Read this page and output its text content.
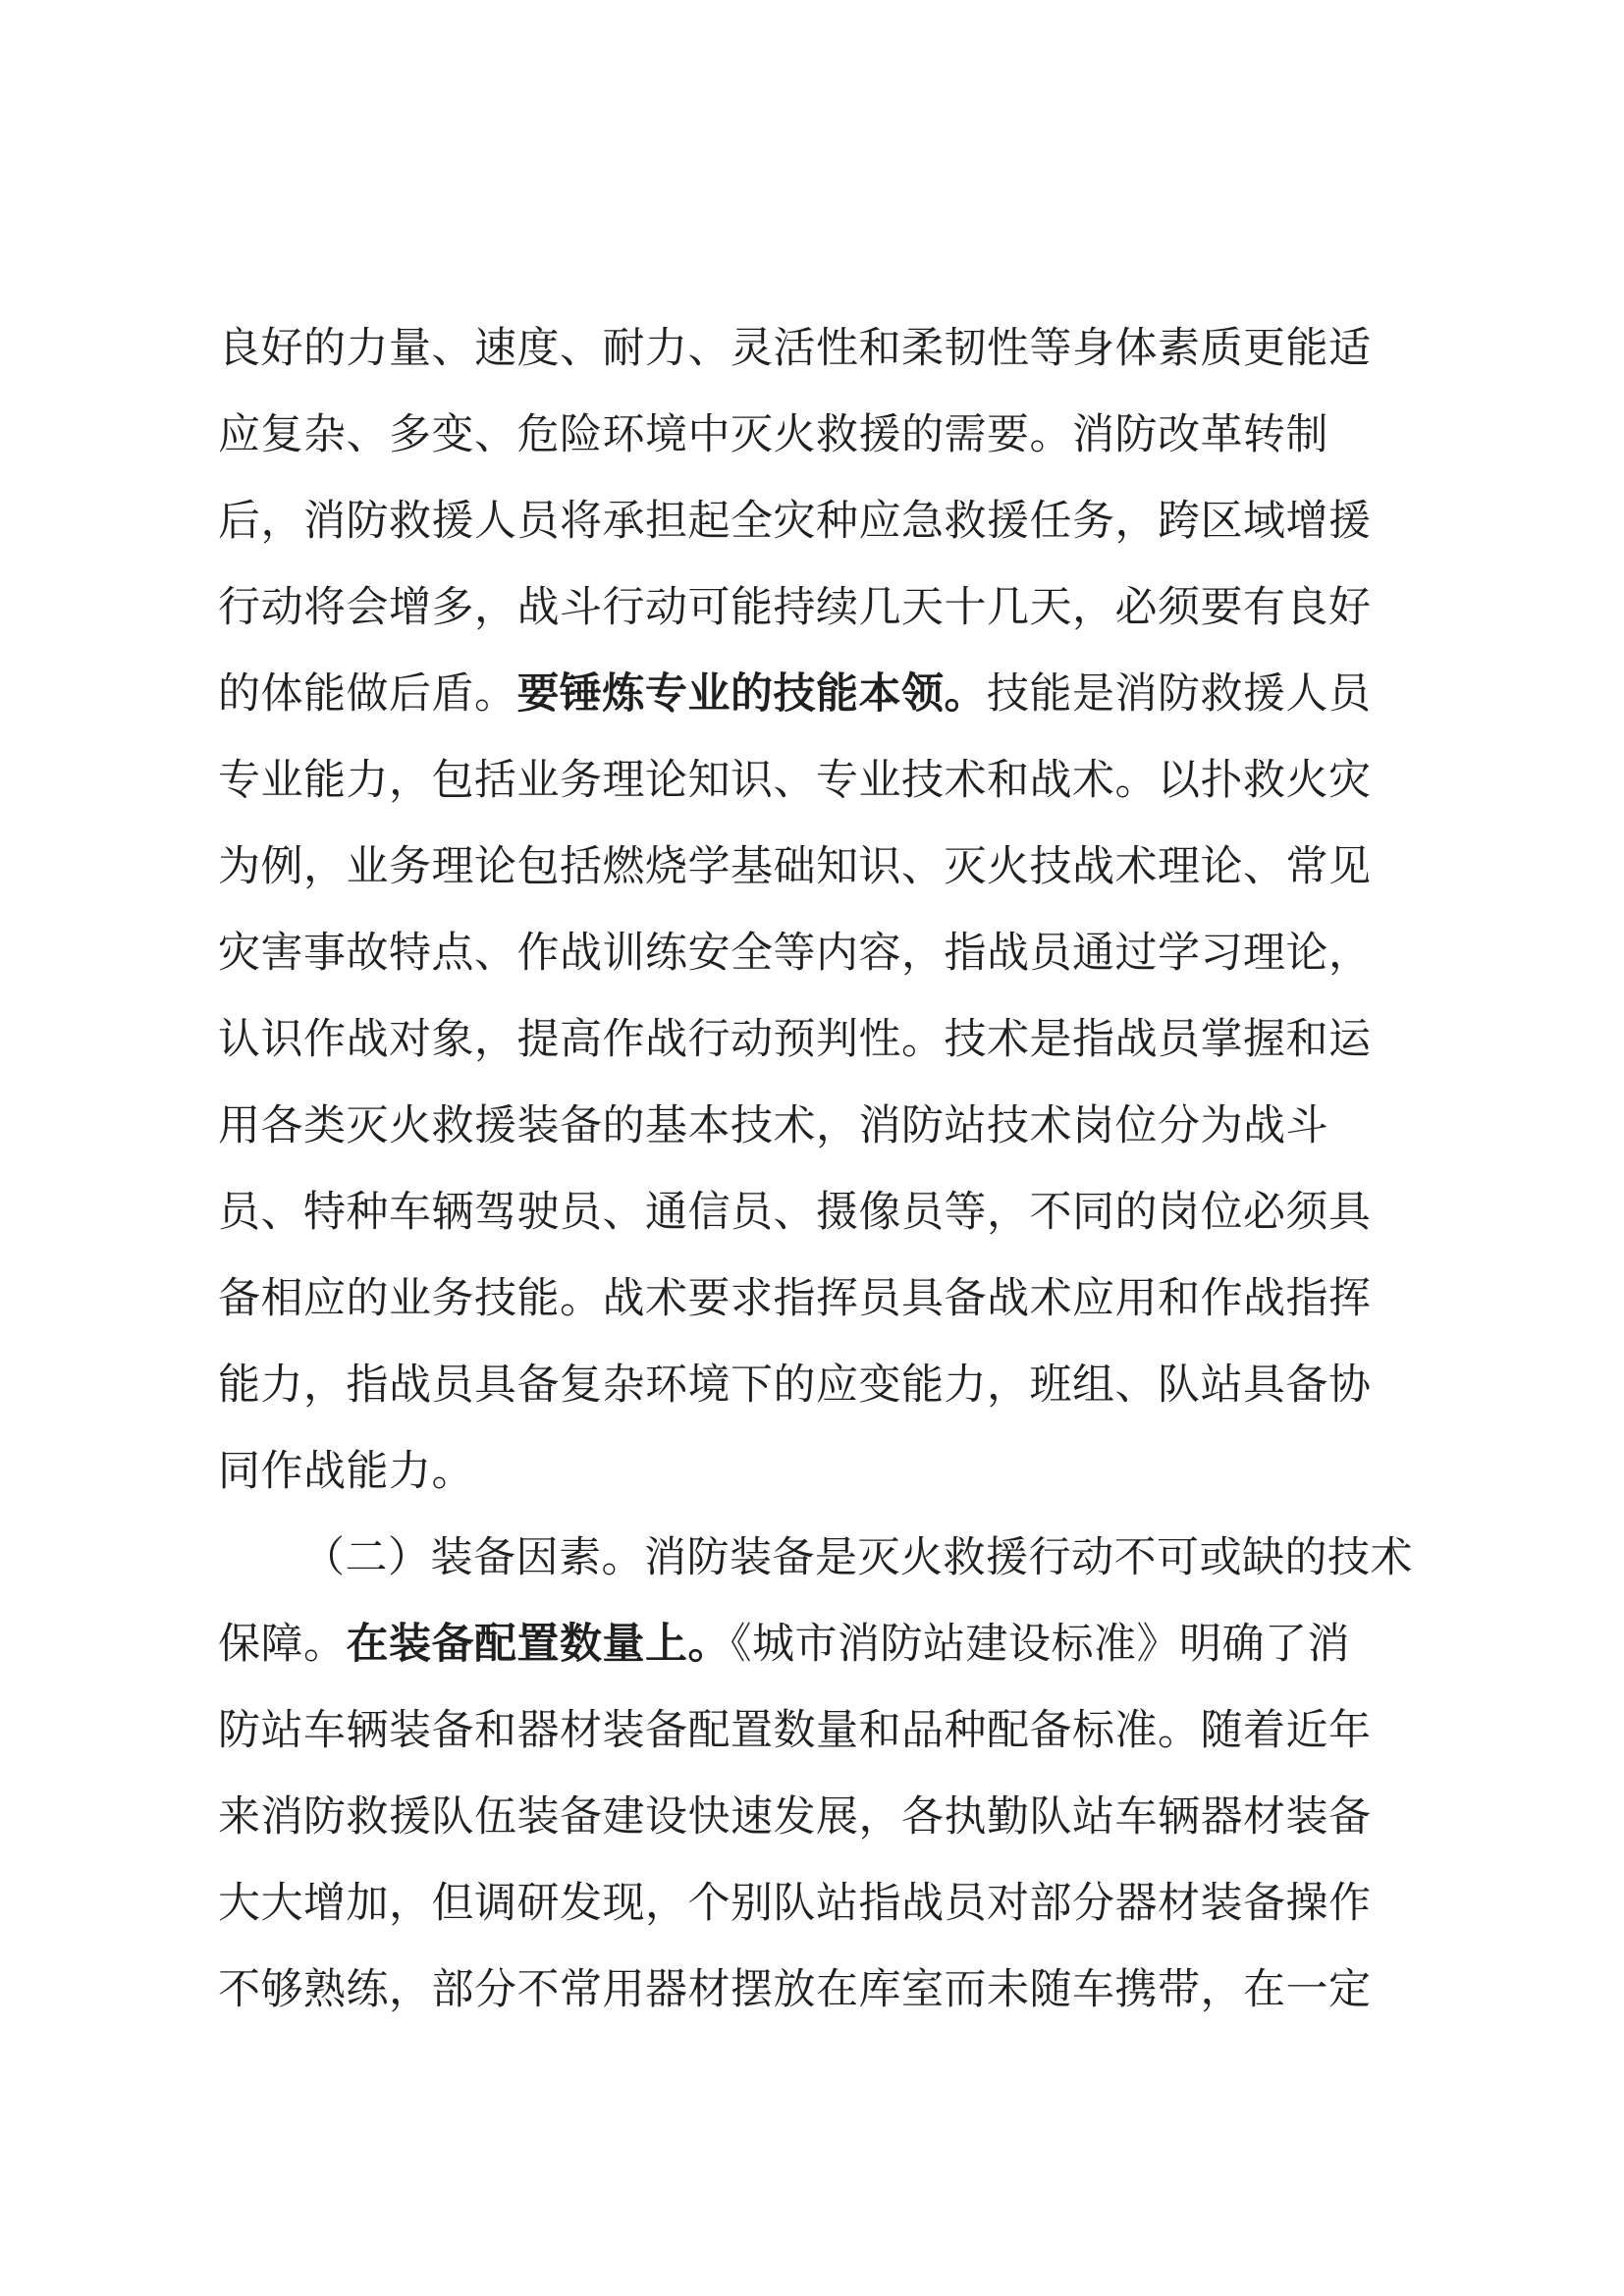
良好的力量、速度、耐力、灵活性和柔韧性等身体素质更能适
应复杂、多变、危险环境中灭火救援的需要。消防改革转制
后，消防救援人员将承担起全灾种应急救援任务，跨区域增援
行动将会增多，战斗行动可能持续几天十几天，必须要有良好
的体能做后盾。要锤炼专业的技能本领。技能是消防救援人员
专业能力，包括业务理论知识、专业技术和战术。以扑救火灾
为例，业务理论包括燃烧学基础知识、灭火技战术理论、常见
灾害事故特点、作战训练安全等内容，指战员通过学习理论，
认识作战对象，提高作战行动预判性。技术是指战员掌握和运
用各类灭火救援装备的基本技术，消防站技术岗位分为战斗
员、特种车辆驾驶员、通信员、摄像员等，不同的岗位必须具
备相应的业务技能。战术要求指挥员具备战术应用和作战指挥
能力，指战员具备复杂环境下的应变能力，班组、队站具备协
同作战能力。
（二）装备因素。消防装备是灭火救援行动不可或缺的技术
保障。在装备配置数量上。《城市消防站建设标准》明确了消
防站车辆装备和器材装备配置数量和品种配备标准。随着近年
来消防救援队伍装备建设快速发展，各执勤队站车辆器材装备
大大增加，但调研发现，个别队站指战员对部分器材装备操作
不够熟练，部分不常用器材摆放在库室而未随车携带，在一定
